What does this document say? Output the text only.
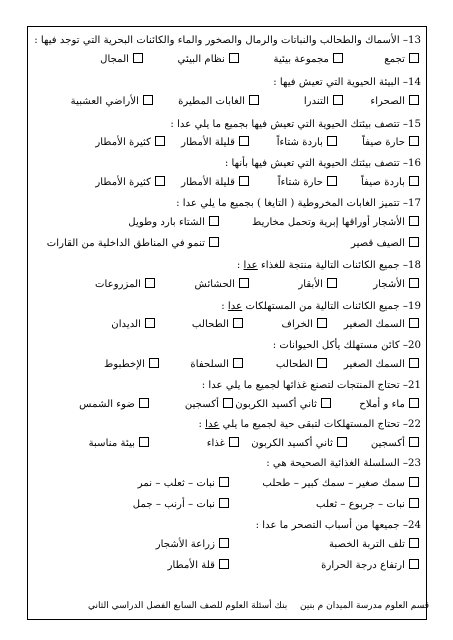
13– الأسماك والطحالب والنباتات والرمال والصخور والماء والكائنات البحرية التي توجد فيها :
تجمع
مجموعة بيئية
نظام البيئي
المجال
14– البيئة الحيوية التي تعيش فيها :
الصحراء
التندرا
الغابات المطيرة
الأراضي العشبية
15– تتصف بيئتك الحيوية التي تعيش فيها بجميع ما يلي عدا :
حارة صيفاً
باردة شتاءاً
قليلة الأمطار
كثيرة الأمطار
16– تتصف بيئتك الحيوية التي تعيش فيها بأنها :
باردة صيفاً
حارة شتاءاً
قليلة الأمطار
كثيرة الأمطار
17– تتميز الغابات المخروطية ( التايغا ) بجميع ما يلي عدا :
الأشجار أوراقها إبرية وتحمل مخاريط
الشتاء بارد وطويل
الصيف قصير
تنمو في المناطق الداخلية من القارات
18– جميع الكائنات التالية منتجة للغذاء عدا :
الأشجار
الأبقار
الحشائش
المزروعات
19– جميع الكائنات التالية من المستهلكات عدا :
السمك الصغير
الخراف
الطحالب
الديدان
20– كائن مستهلك يأكل الحيوانات :
السمك الصغير
الطحالب
السلحفاة
الإخطبوط
21– تحتاج المنتجات لتصنع غذائها لجميع ما يلي عدا :
ماء و أملاح
ثاني أكسيد الكربون
أكسجين
ضوء الشمس
22– تحتاج المستهلكات لتبقى حية لجميع ما يلي عدا :
أكسجين
ثاني أكسيد الكربون
غذاء
بيئة مناسبة
23– السلسلة الغذائية الصحيحة هي :
سمك صغير – سمك كبير – طحلب
نبات – ثعلب – نمر
نبات – جربوع – ثعلب
نبات – أرنب – جمل
24– جميعها من أسباب التصحر ما عدا :
تلف التربة الخصبة
زراعة الأشجار
ارتفاع درجة الحرارة
قلة الأمطار
قسم العلوم مدرسة الميدان م بنين
بنك أسئلة العلوم للصف السابع الفصل الدراسي الثاني
